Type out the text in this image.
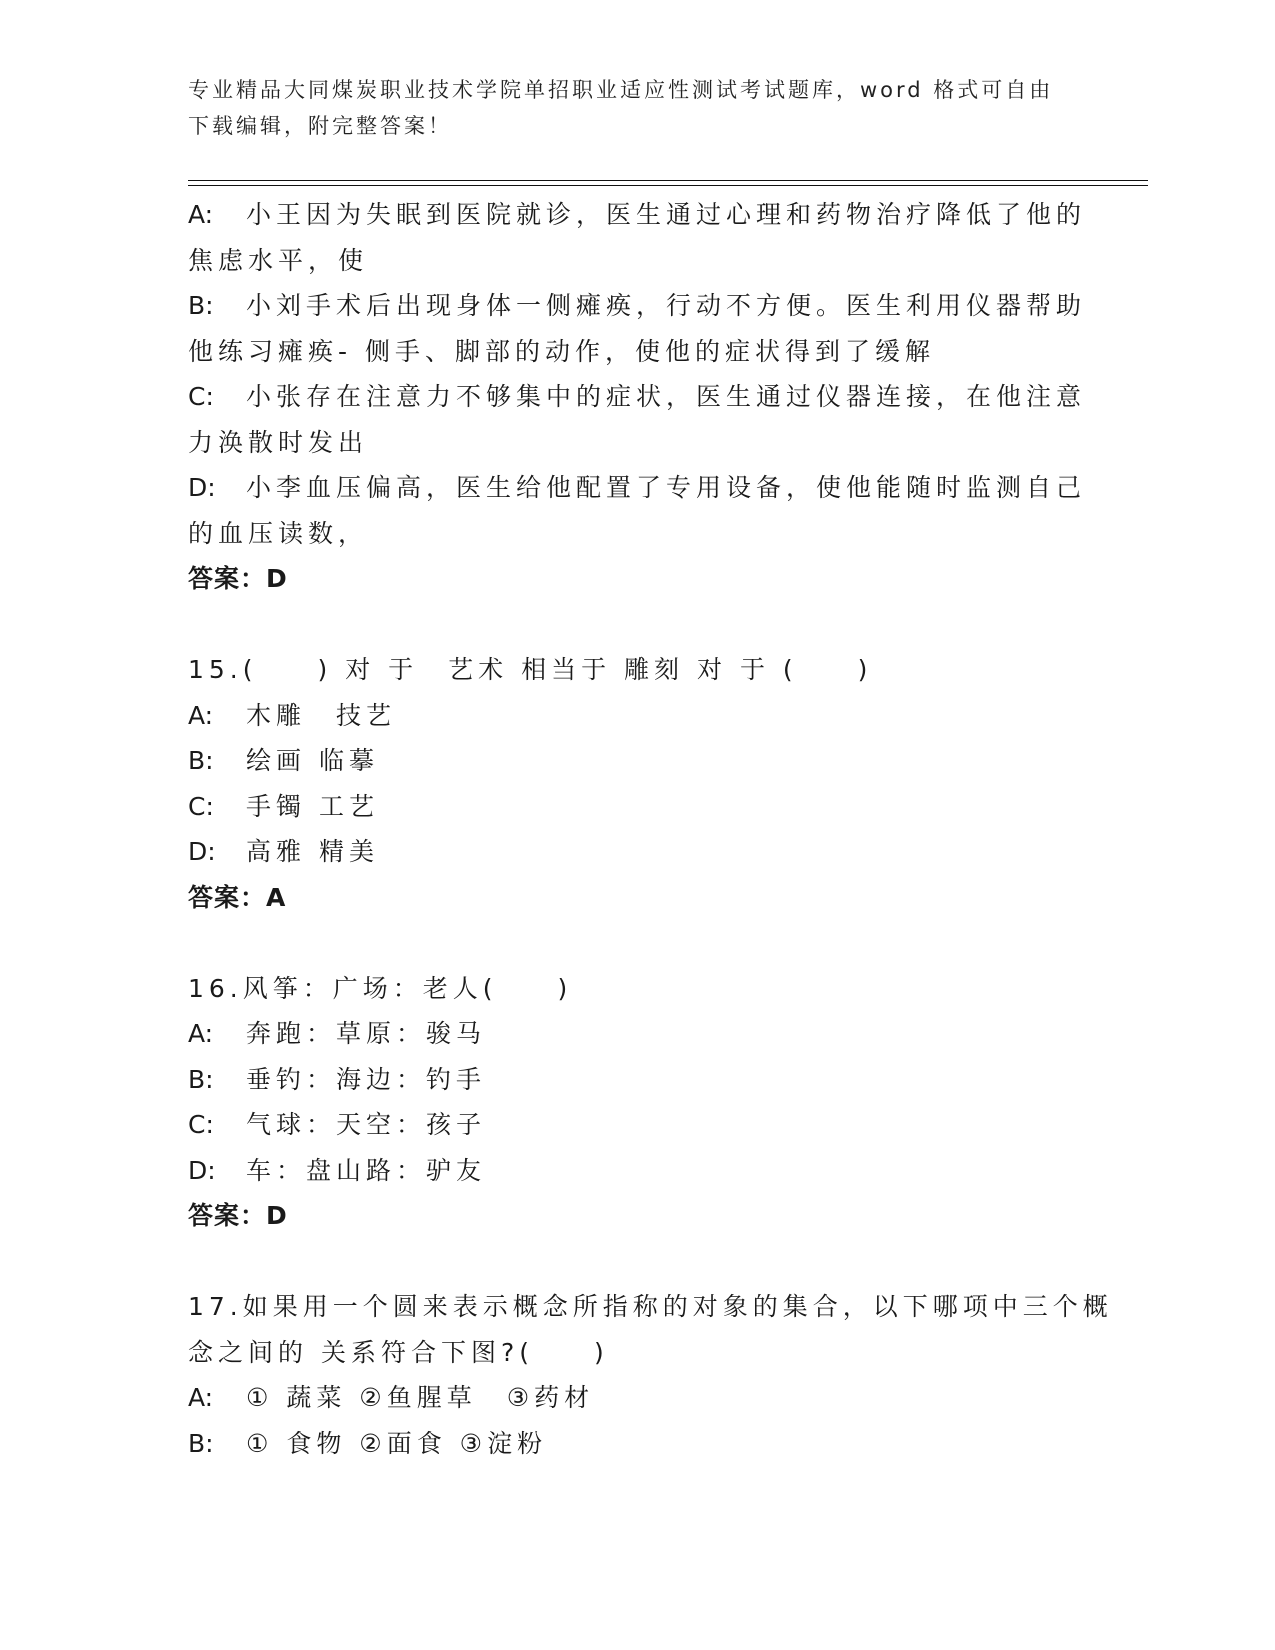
专业精品大同煤炭职业技术学院单招职业适应性测试考试题库，word 格式可自由
下载编辑，附完整答案！
A: 小王因为失眠到医院就诊，医生通过心理和药物治疗降低了他的
焦虑水平，使
B: 小刘手术后出现身体一侧瘫痪，行动不方便。医生利用仪器帮助
他练习瘫痪- 侧手、脚部的动作，使他的症状得到了缓解
C: 小张存在注意力不够集中的症状，医生通过仪器连接，在他注意
力涣散时发出
D: 小李血压偏高，医生给他配置了专用设备，使他能随时监测自己
的血压读数，
答案：D
15.(　　) 对 于　艺术 相当于 雕刻 对 于 (　　)
A: 木雕　技艺
B: 绘画 临摹
C: 手镯 工艺
D: 高雅 精美
答案：A
16.风筝：广场：老人(　　)
A: 奔跑：草原：骏马
B: 垂钓：海边：钓手
C: 气球：天空：孩子
D: 车：盘山路：驴友
答案：D
17.如果用一个圆来表示概念所指称的对象的集合，以下哪项中三个概
念之间的 关系符合下图?(　　)
A: ① 蔬菜 ②鱼腥草　③药材
B: ① 食物 ②面食 ③淀粉
